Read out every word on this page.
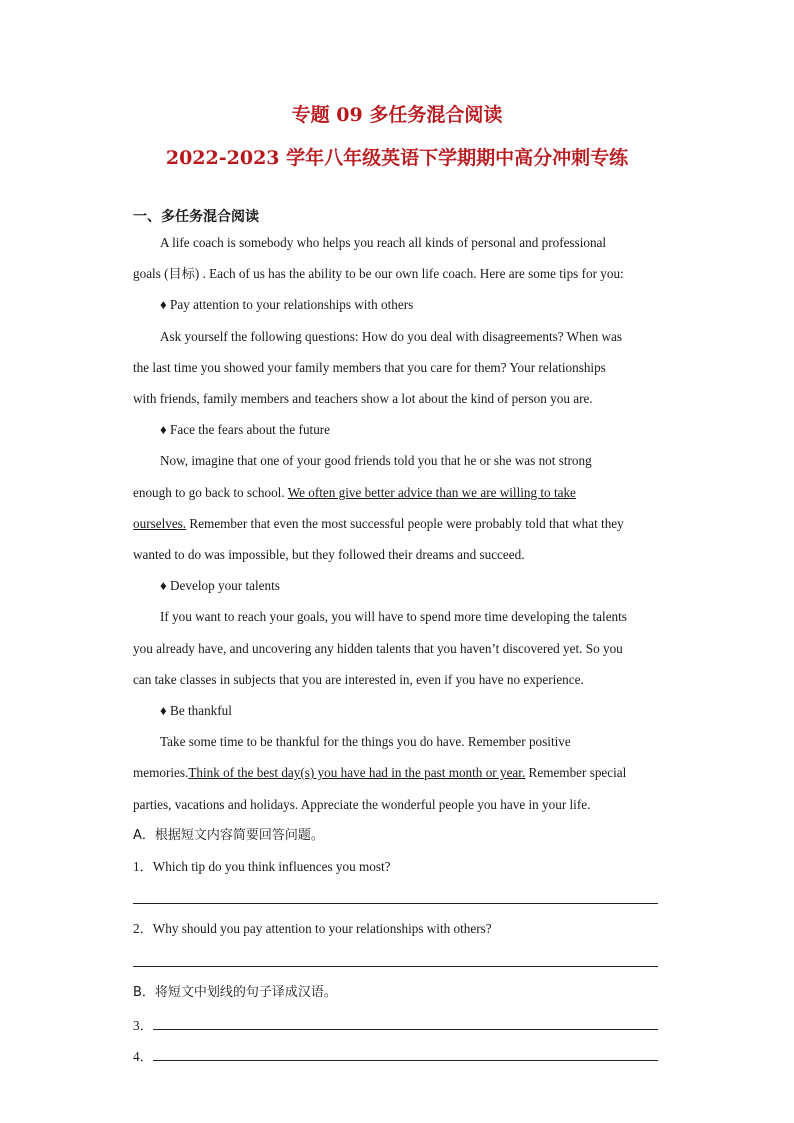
专题 09 多任务混合阅读
2022-2023 学年八年级英语下学期期中高分冲刺专练
一、多任务混合阅读
A life coach is somebody who helps you reach all kinds of personal and professional
goals (目标) . Each of us has the ability to be our own life coach. Here are some tips for you:
♦ Pay attention to your relationships with others
Ask yourself the following questions: How do you deal with disagreements? When was
the last time you showed your family members that you care for them? Your relationships
with friends, family members and teachers show a lot about the kind of person you are.
♦ Face the fears about the future
Now, imagine that one of your good friends told you that he or she was not strong
enough to go back to school. We often give better advice than we are willing to take
ourselves. Remember that even the most successful people were probably told that what they
wanted to do was impossible, but they followed their dreams and succeed.
♦ Develop your talents
If you want to reach your goals, you will have to spend more time developing the talents
you already have, and uncovering any hidden talents that you haven’t discovered yet. So you
can take classes in subjects that you are interested in, even if you have no experience.
♦ Be thankful
Take some time to be thankful for the things you do have. Remember positive
memories.Think of the best day(s) you have had in the past month or year. Remember special
parties, vacations and holidays. Appreciate the wonderful people you have in your life.
A．根据短文内容简要回答问题。
1．Which tip do you think influences you most?
2．Why should you pay attention to your relationships with others?
B．将短文中划线的句子译成汉语。
3．
4．
